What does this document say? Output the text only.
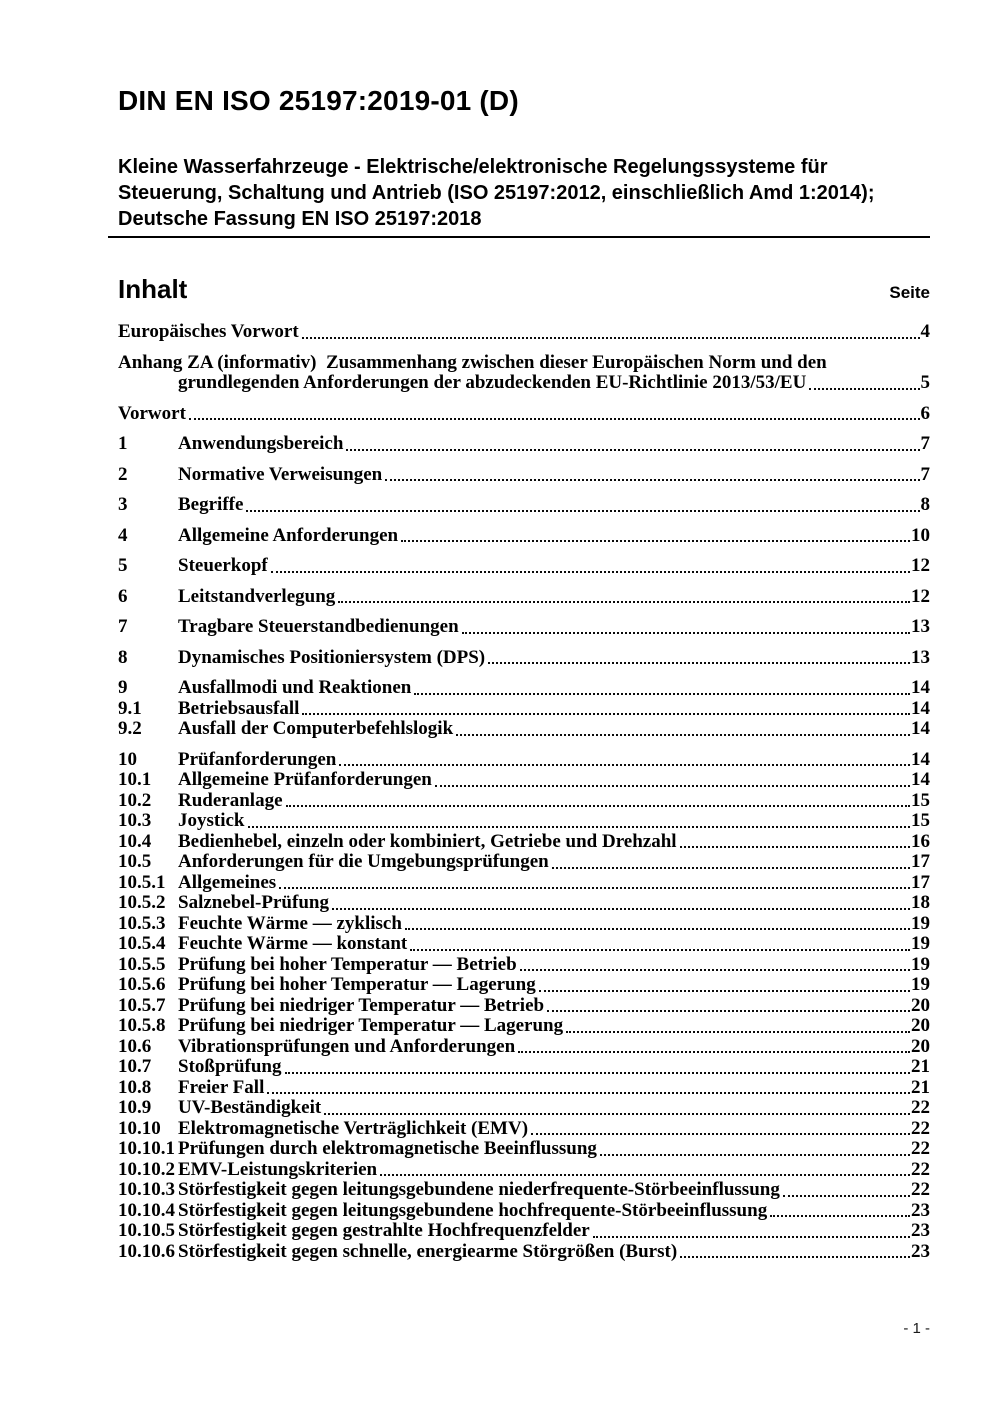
DIN EN ISO 25197:2019-01 (D)
Kleine Wasserfahrzeuge - Elektrische/elektronische Regelungssysteme für
Steuerung, Schaltung und Antrieb (ISO 25197:2012, einschließlich Amd 1:2014);
Deutsche Fassung EN ISO 25197:2018
Inhalt	Seite
Europäisches Vorwort	4
Anhang ZA (informativ)  Zusammenhang zwischen dieser Europäischen Norm und den
grundlegenden Anforderungen der abzudeckenden EU-Richtlinie 2013/53/EU	5
Vorwort	6
1	Anwendungsbereich	7
2	Normative Verweisungen	7
3	Begriffe	8
4	Allgemeine Anforderungen	10
5	Steuerkopf	12
6	Leitstandverlegung	12
7	Tragbare Steuerstandbedienungen	13
8	Dynamisches Positioniersystem (DPS)	13
9	Ausfallmodi und Reaktionen	14
9.1	Betriebsausfall	14
9.2	Ausfall der Computerbefehlslogik	14
10	Prüfanforderungen	14
10.1	Allgemeine Prüfanforderungen	14
10.2	Ruderanlage	15
10.3	Joystick	15
10.4	Bedienhebel, einzeln oder kombiniert, Getriebe und Drehzahl	16
10.5	Anforderungen für die Umgebungsprüfungen	17
10.5.1 Allgemeines	17
10.5.2 Salznebel-Prüfung	18
10.5.3 Feuchte Wärme — zyklisch	19
10.5.4 Feuchte Wärme — konstant	19
10.5.5 Prüfung bei hoher Temperatur — Betrieb	19
10.5.6 Prüfung bei hoher Temperatur — Lagerung	19
10.5.7 Prüfung bei niedriger Temperatur — Betrieb	20
10.5.8 Prüfung bei niedriger Temperatur — Lagerung	20
10.6	Vibrationsprüfungen und Anforderungen	20
10.7	Stoßprüfung	21
10.8	Freier Fall	21
10.9	UV-Beständigkeit	22
10.10 Elektromagnetische Verträglichkeit (EMV)	22
10.10.1 Prüfungen durch elektromagnetische Beeinflussung	22
10.10.2 EMV-Leistungskriterien	22
10.10.3 Störfestigkeit gegen leitungsgebundene niederfrequente-Störbeeinflussung	22
10.10.4 Störfestigkeit gegen leitungsgebundene hochfrequente-Störbeeinflussung	23
10.10.5 Störfestigkeit gegen gestrahlte Hochfrequenzfelder	23
10.10.6 Störfestigkeit gegen schnelle, energiearme Störgrößen (Burst)	23
- 1 -
